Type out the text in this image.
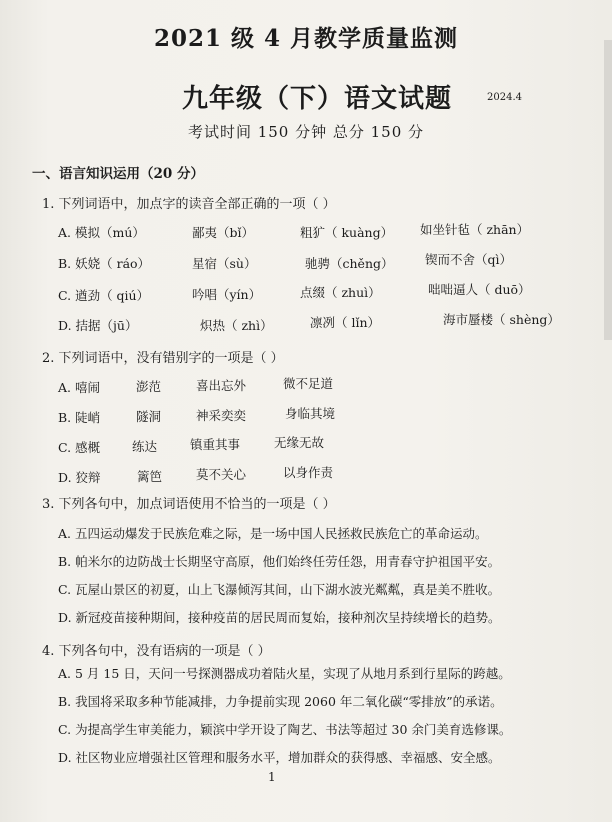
2021 级 4 月教学质量监测
九年级（下）语文试题	2024.4
考试时间 150 分钟 总分 150 分
一、语言知识运用（20 分）
1. 下列词语中，加点字的读音全部正确的一项（ ）
A. 模拟（mú）	鄙夷（bǐ）	粗犷（ kuàng） 如坐针毡（ zhān）
B. 妖娆（ ráo）	星宿（sù）	驰骋（chěng）	锲而不舍（qì）
C. 遒劲（ qiú）	吟唱（yín）	点缀（ zhuì）	咄咄逼人（ duō）
D. 拮据（jū）	炽热（ zhì）	凛冽（ lǐn）	海市蜃楼（ shèng）
2. 下列词语中，没有错别字的一项是（ ）
A. 嘻闹	澎范	喜出忘外	微不足道
B. 陡峭	隧洞	神采奕奕	身临其境
C. 感概	练达	镇重其事	无缘无故
D. 狡辩	篱笆	莫不关心	以身作责
3. 下列各句中，加点词语使用不恰当的一项是（ ）
A. 五四运动爆发于民族危难之际，是一场中国人民拯救民族危亡的革命运动。
B. 帕米尔的边防战士长期坚守高原，他们始终任劳任怨，用青春守护祖国平安。
C. 瓦屋山景区的初夏，山上飞瀑倾泻其间，山下湖水波光粼粼，真是美不胜收。
D. 新冠疫苗接种期间，接种疫苗的居民周而复始，接种剂次呈持续增长的趋势。
4. 下列各句中，没有语病的一项是（ ）
A. 5 月 15 日，天问一号探测器成功着陆火星，实现了从地月系到行星际的跨越。
B. 我国将采取多种节能减排，力争提前实现 2060 年二氧化碳“零排放”的承诺。
C. 为提高学生审美能力，颖滨中学开设了陶艺、书法等超过 30 余门美育选修课。
D. 社区物业应增强社区管理和服务水平，增加群众的获得感、幸福感、安全感。
1
